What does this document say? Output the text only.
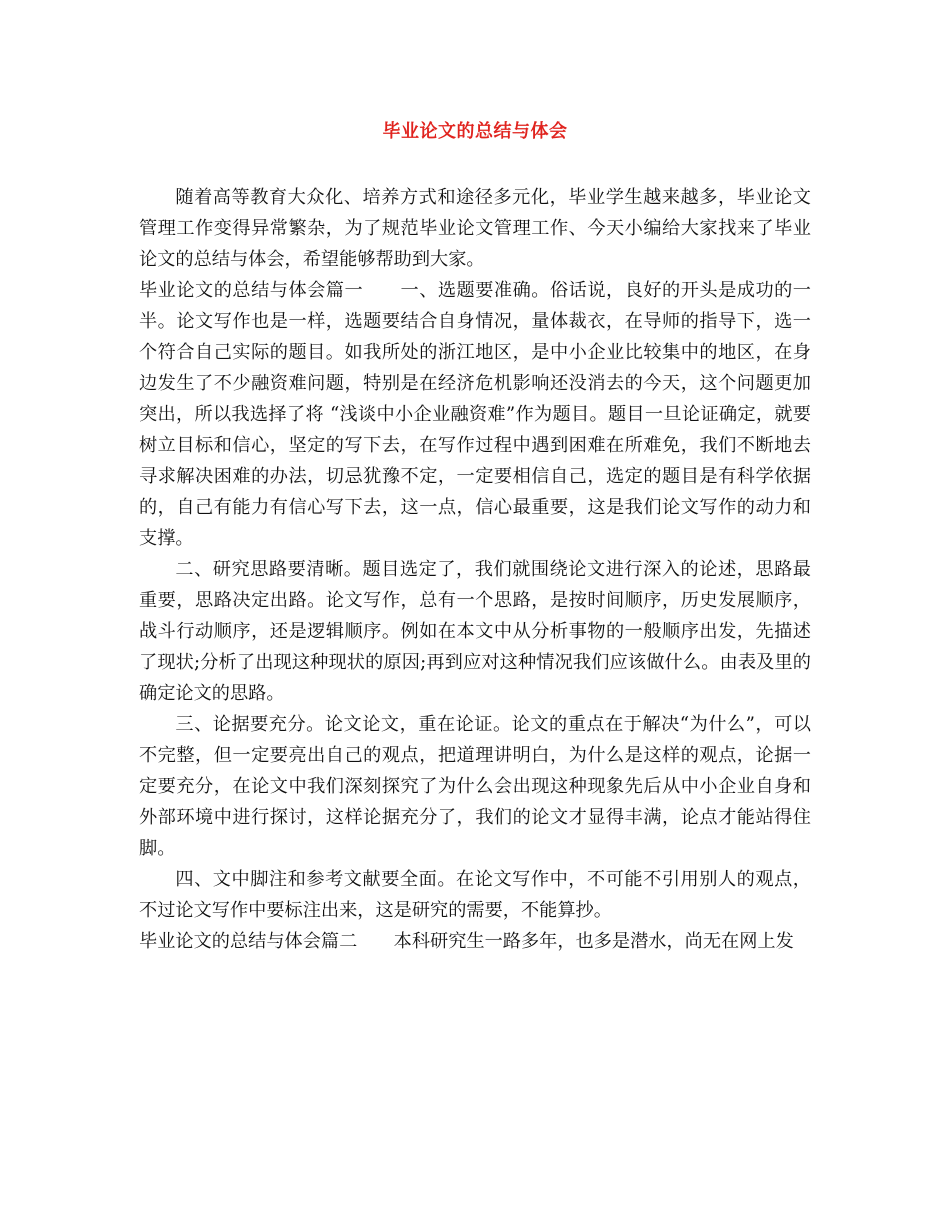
毕业论文的总结与体会

随着高等教育大众化、培养方式和途径多元化，毕业学生越来越多，毕业论文管理工作变得异常繁杂，为了规范毕业论文管理工作、今天小编给大家找来了毕业论文的总结与体会，希望能够帮助到大家。

毕业论文的总结与体会篇一　　一、选题要准确。俗话说，良好的开头是成功的一半。论文写作也是一样，选题要结合自身情况，量体裁衣，在导师的指导下，选一个符合自己实际的题目。如我所处的浙江地区，是中小企业比较集中的地区，在身边发生了不少融资难问题，特别是在经济危机影响还没消去的今天，这个问题更加突出，所以我选择了将 “浅谈中小企业融资难”作为题目。题目一旦论证确定，就要树立目标和信心，坚定的写下去，在写作过程中遇到困难在所难免，我们不断地去寻求解决困难的办法，切忌犹豫不定，一定要相信自己，选定的题目是有科学依据的，自己有能力有信心写下去，这一点，信心最重要，这是我们论文写作的动力和支撑。

二、研究思路要清晰。题目选定了，我们就围绕论文进行深入的论述，思路最重要，思路决定出路。论文写作，总有一个思路，是按时间顺序，历史发展顺序，战斗行动顺序，还是逻辑顺序。例如在本文中从分析事物的一般顺序出发，先描述了现状;分析了出现这种现状的原因;再到应对这种情况我们应该做什么。由表及里的确定论文的思路。

三、论据要充分。论文论文，重在论证。论文的重点在于解决“为什么”，可以不完整，但一定要亮出自己的观点，把道理讲明白，为什么是这样的观点，论据一定要充分，在论文中我们深刻探究了为什么会出现这种现象先后从中小企业自身和外部环境中进行探讨，这样论据充分了，我们的论文才显得丰满，论点才能站得住脚。

四、文中脚注和参考文献要全面。在论文写作中，不可能不引用别人的观点，不过论文写作中要标注出来，这是研究的需要，不能算抄。

毕业论文的总结与体会篇二　　本科研究生一路多年，也多是潜水，尚无在网上发
